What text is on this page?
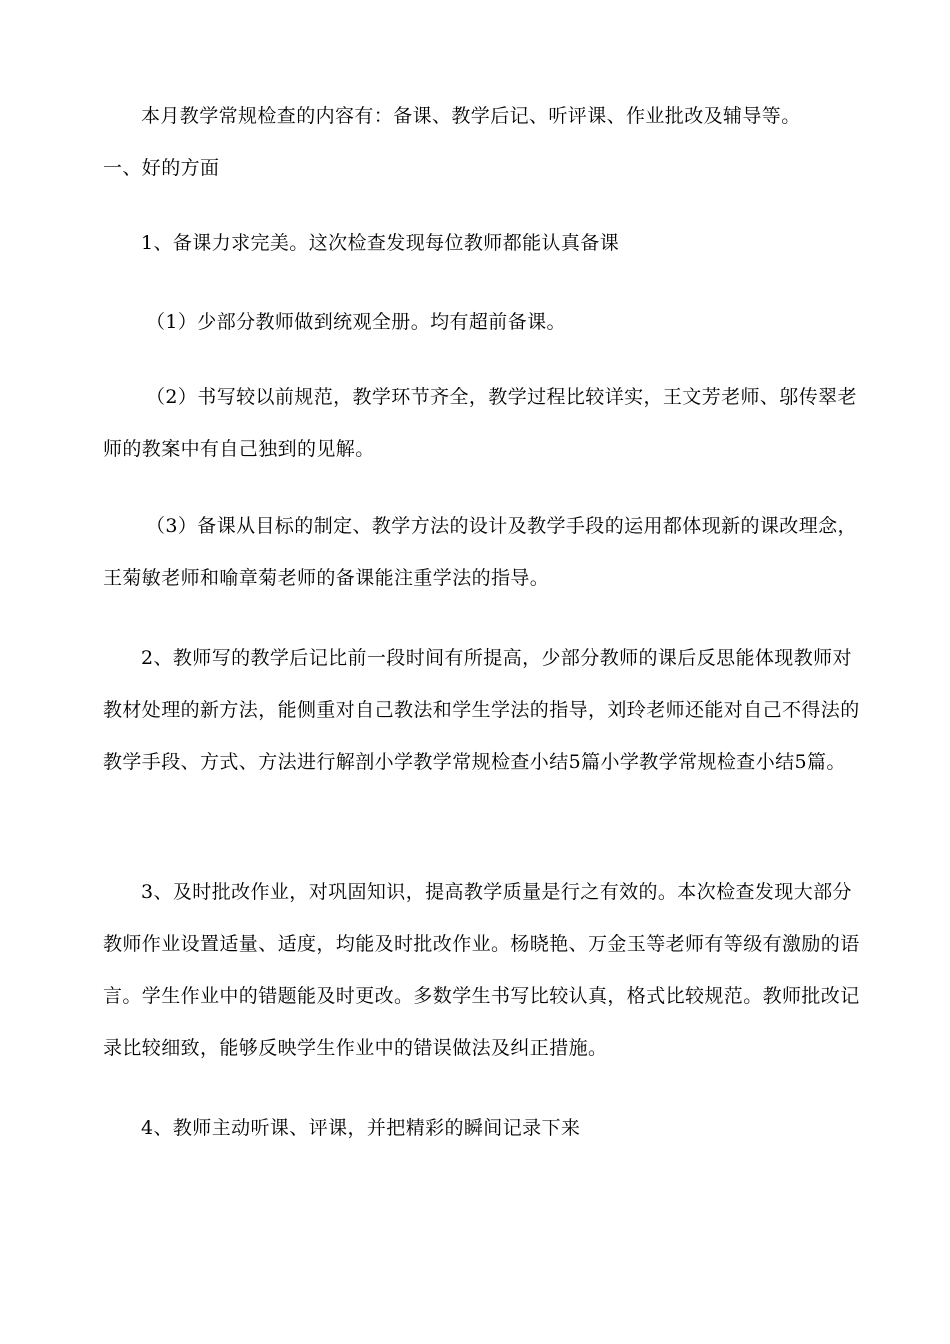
本月教学常规检查的内容有：备课、教学后记、听评课、作业批改及辅导等。

一、好的方面

1、备课力求完美。这次检查发现每位教师都能认真备课

（1）少部分教师做到统观全册。均有超前备课。

（2）书写较以前规范，教学环节齐全，教学过程比较详实，王文芳老师、邬传翠老师的教案中有自己独到的见解。

（3）备课从目标的制定、教学方法的设计及教学手段的运用都体现新的课改理念，王菊敏老师和喻章菊老师的备课能注重学法的指导。

2、教师写的教学后记比前一段时间有所提高，少部分教师的课后反思能体现教师对教材处理的新方法，能侧重对自己教法和学生学法的指导，刘玲老师还能对自己不得法的教学手段、方式、方法进行解剖小学教学常规检查小结5篇小学教学常规检查小结5篇。

3、及时批改作业，对巩固知识，提高教学质量是行之有效的。本次检查发现大部分教师作业设置适量、适度，均能及时批改作业。杨晓艳、万金玉等老师有等级有激励的语言。学生作业中的错题能及时更改。多数学生书写比较认真，格式比较规范。教师批改记录比较细致，能够反映学生作业中的错误做法及纠正措施。

4、教师主动听课、评课，并把精彩的瞬间记录下来
